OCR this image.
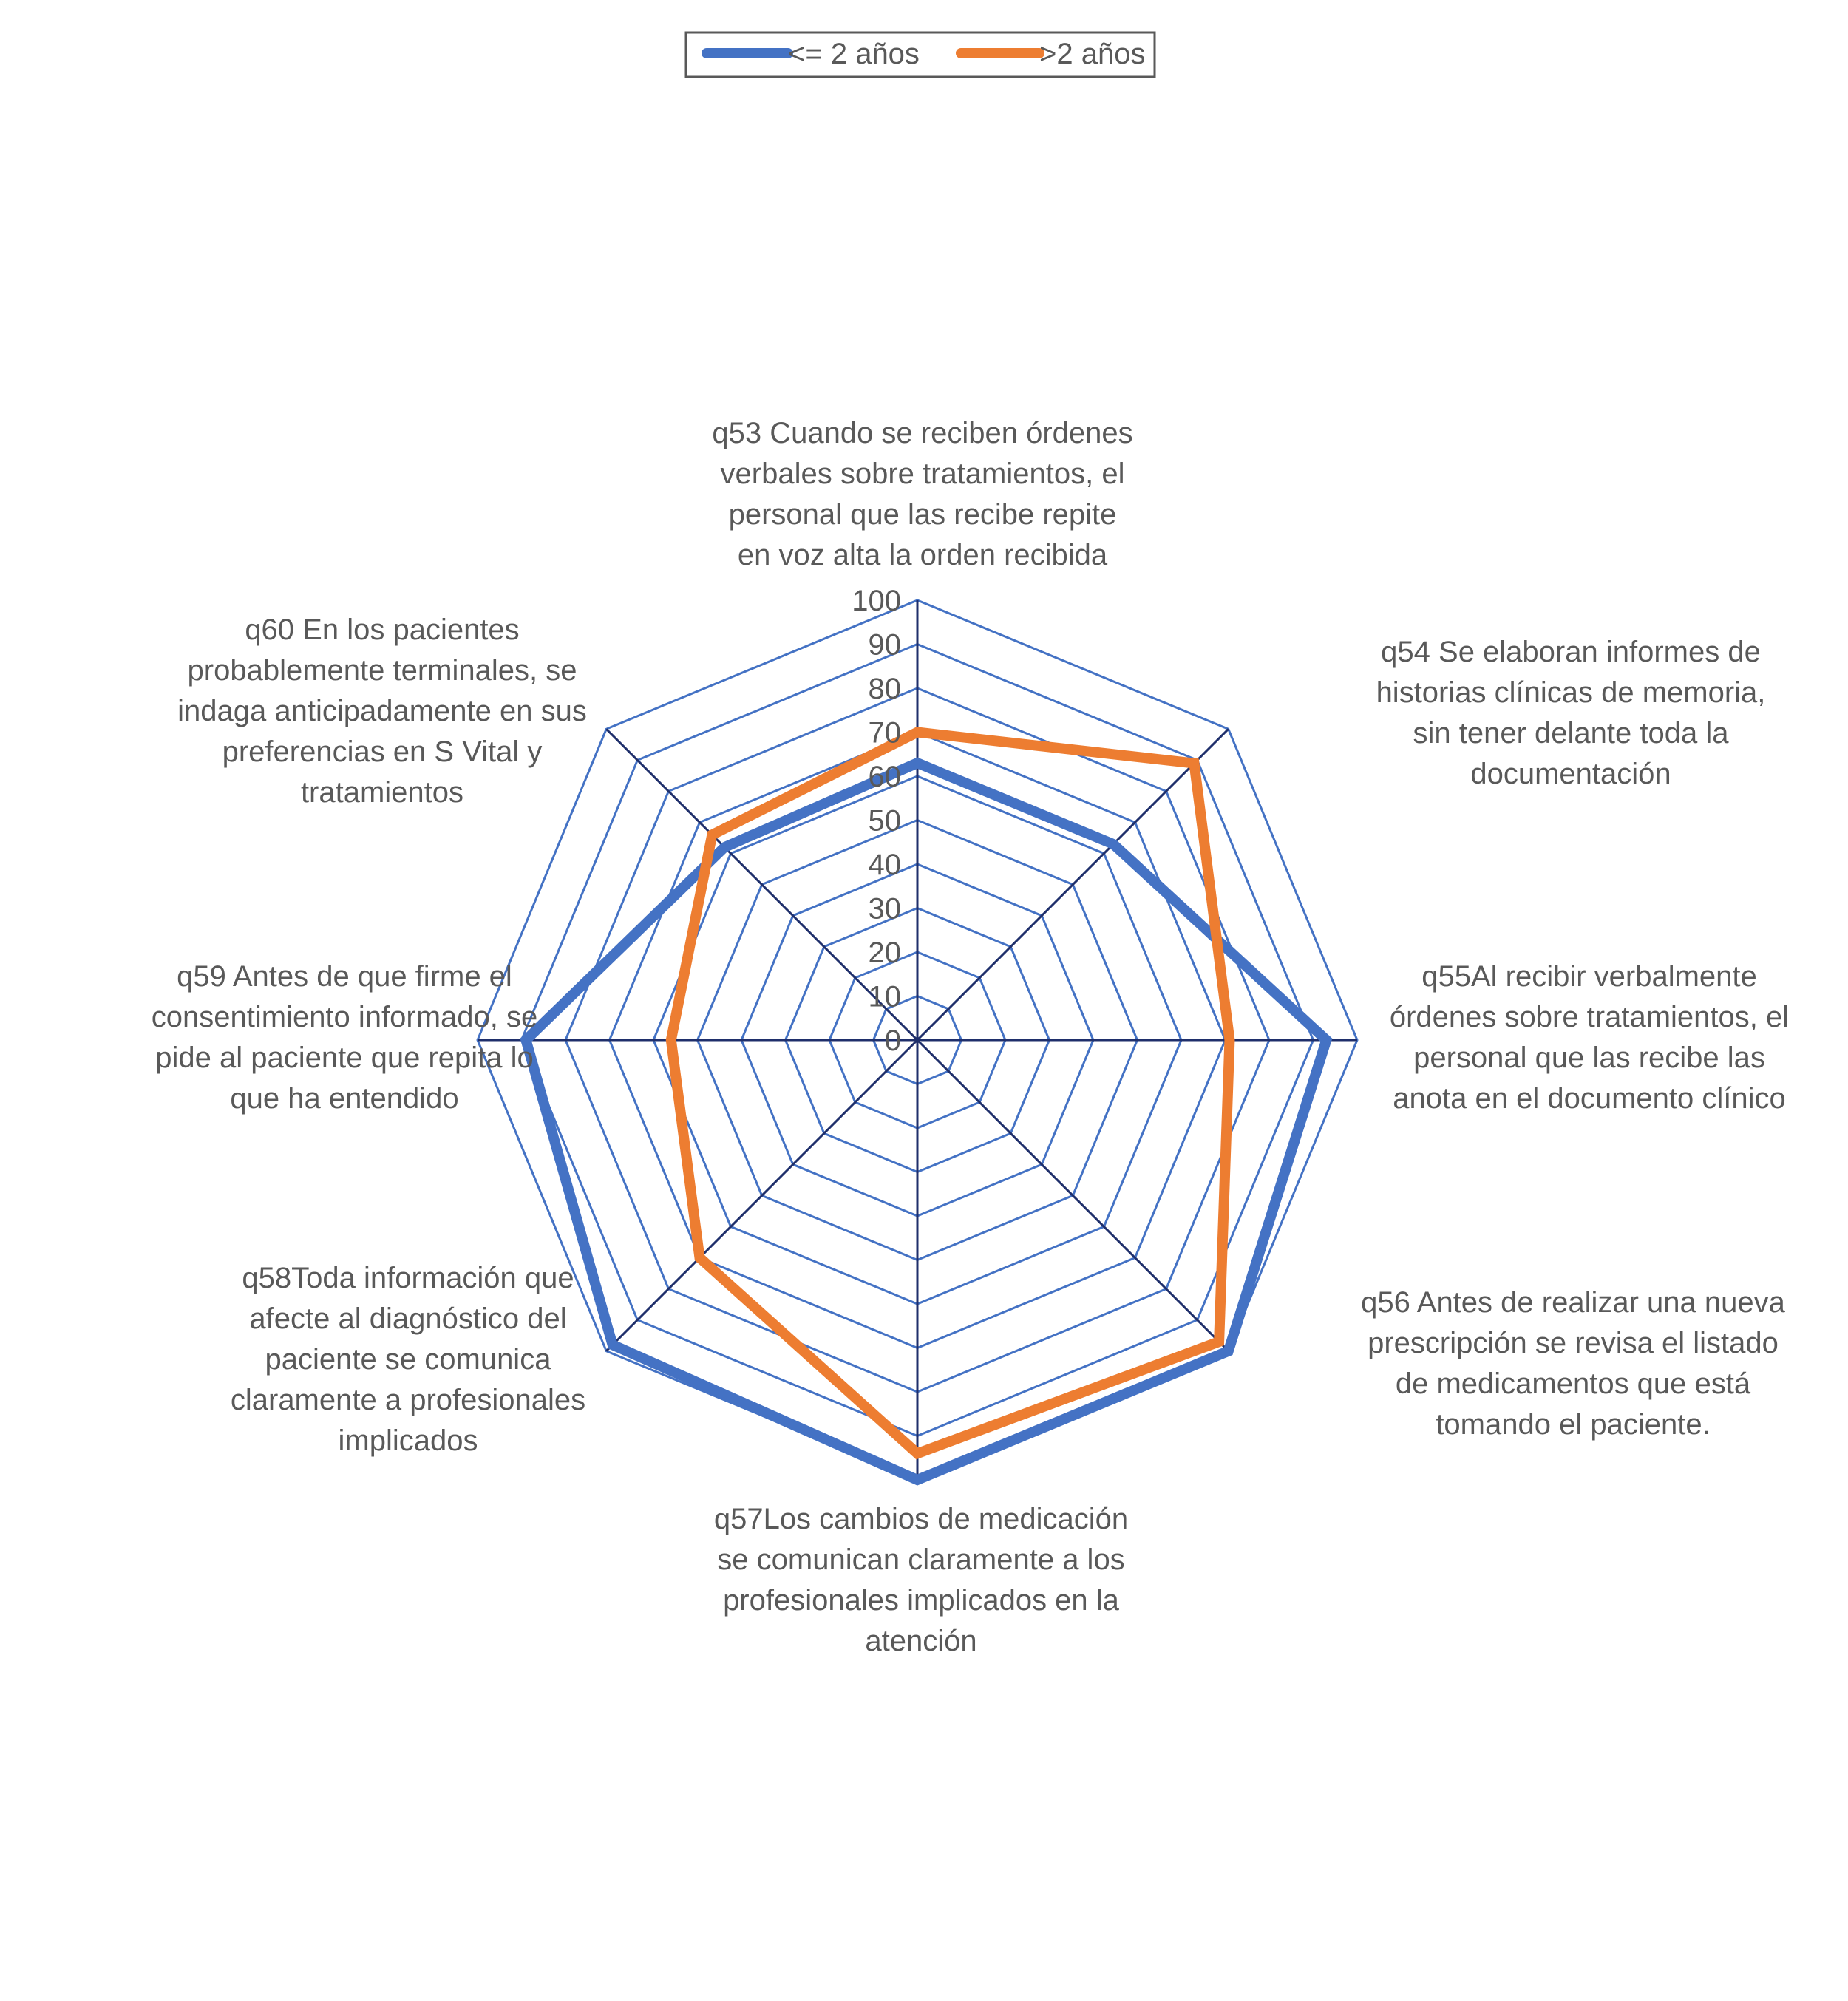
0
10
20
30
40
50
60
70
80
90
100
q53 Cuando se reciben órdenes
verbales sobre tratamientos, el
personal que las recibe repite
en voz alta la orden recibida
q54 Se elaboran informes de
historias clínicas de memoria,
sin tener delante toda la
documentación
q55Al recibir verbalmente
órdenes sobre tratamientos, el
personal que las recibe las
anota en el documento clínico
q56 Antes de realizar una nueva
prescripción se revisa el listado
de medicamentos que está
tomando el paciente.
q57Los cambios de medicación
se comunican claramente a los
profesionales implicados en la
atención
q58Toda información que
afecte al diagnóstico del
paciente se comunica
claramente a profesionales
implicados
q59 Antes de que firme el
consentimiento informado, se
pide al paciente que repita lo
que ha entendido
q60 En los pacientes
probablemente terminales, se
indaga anticipadamente en sus
preferencias en S Vital y
tratamientos
<= 2 años	>2 años
